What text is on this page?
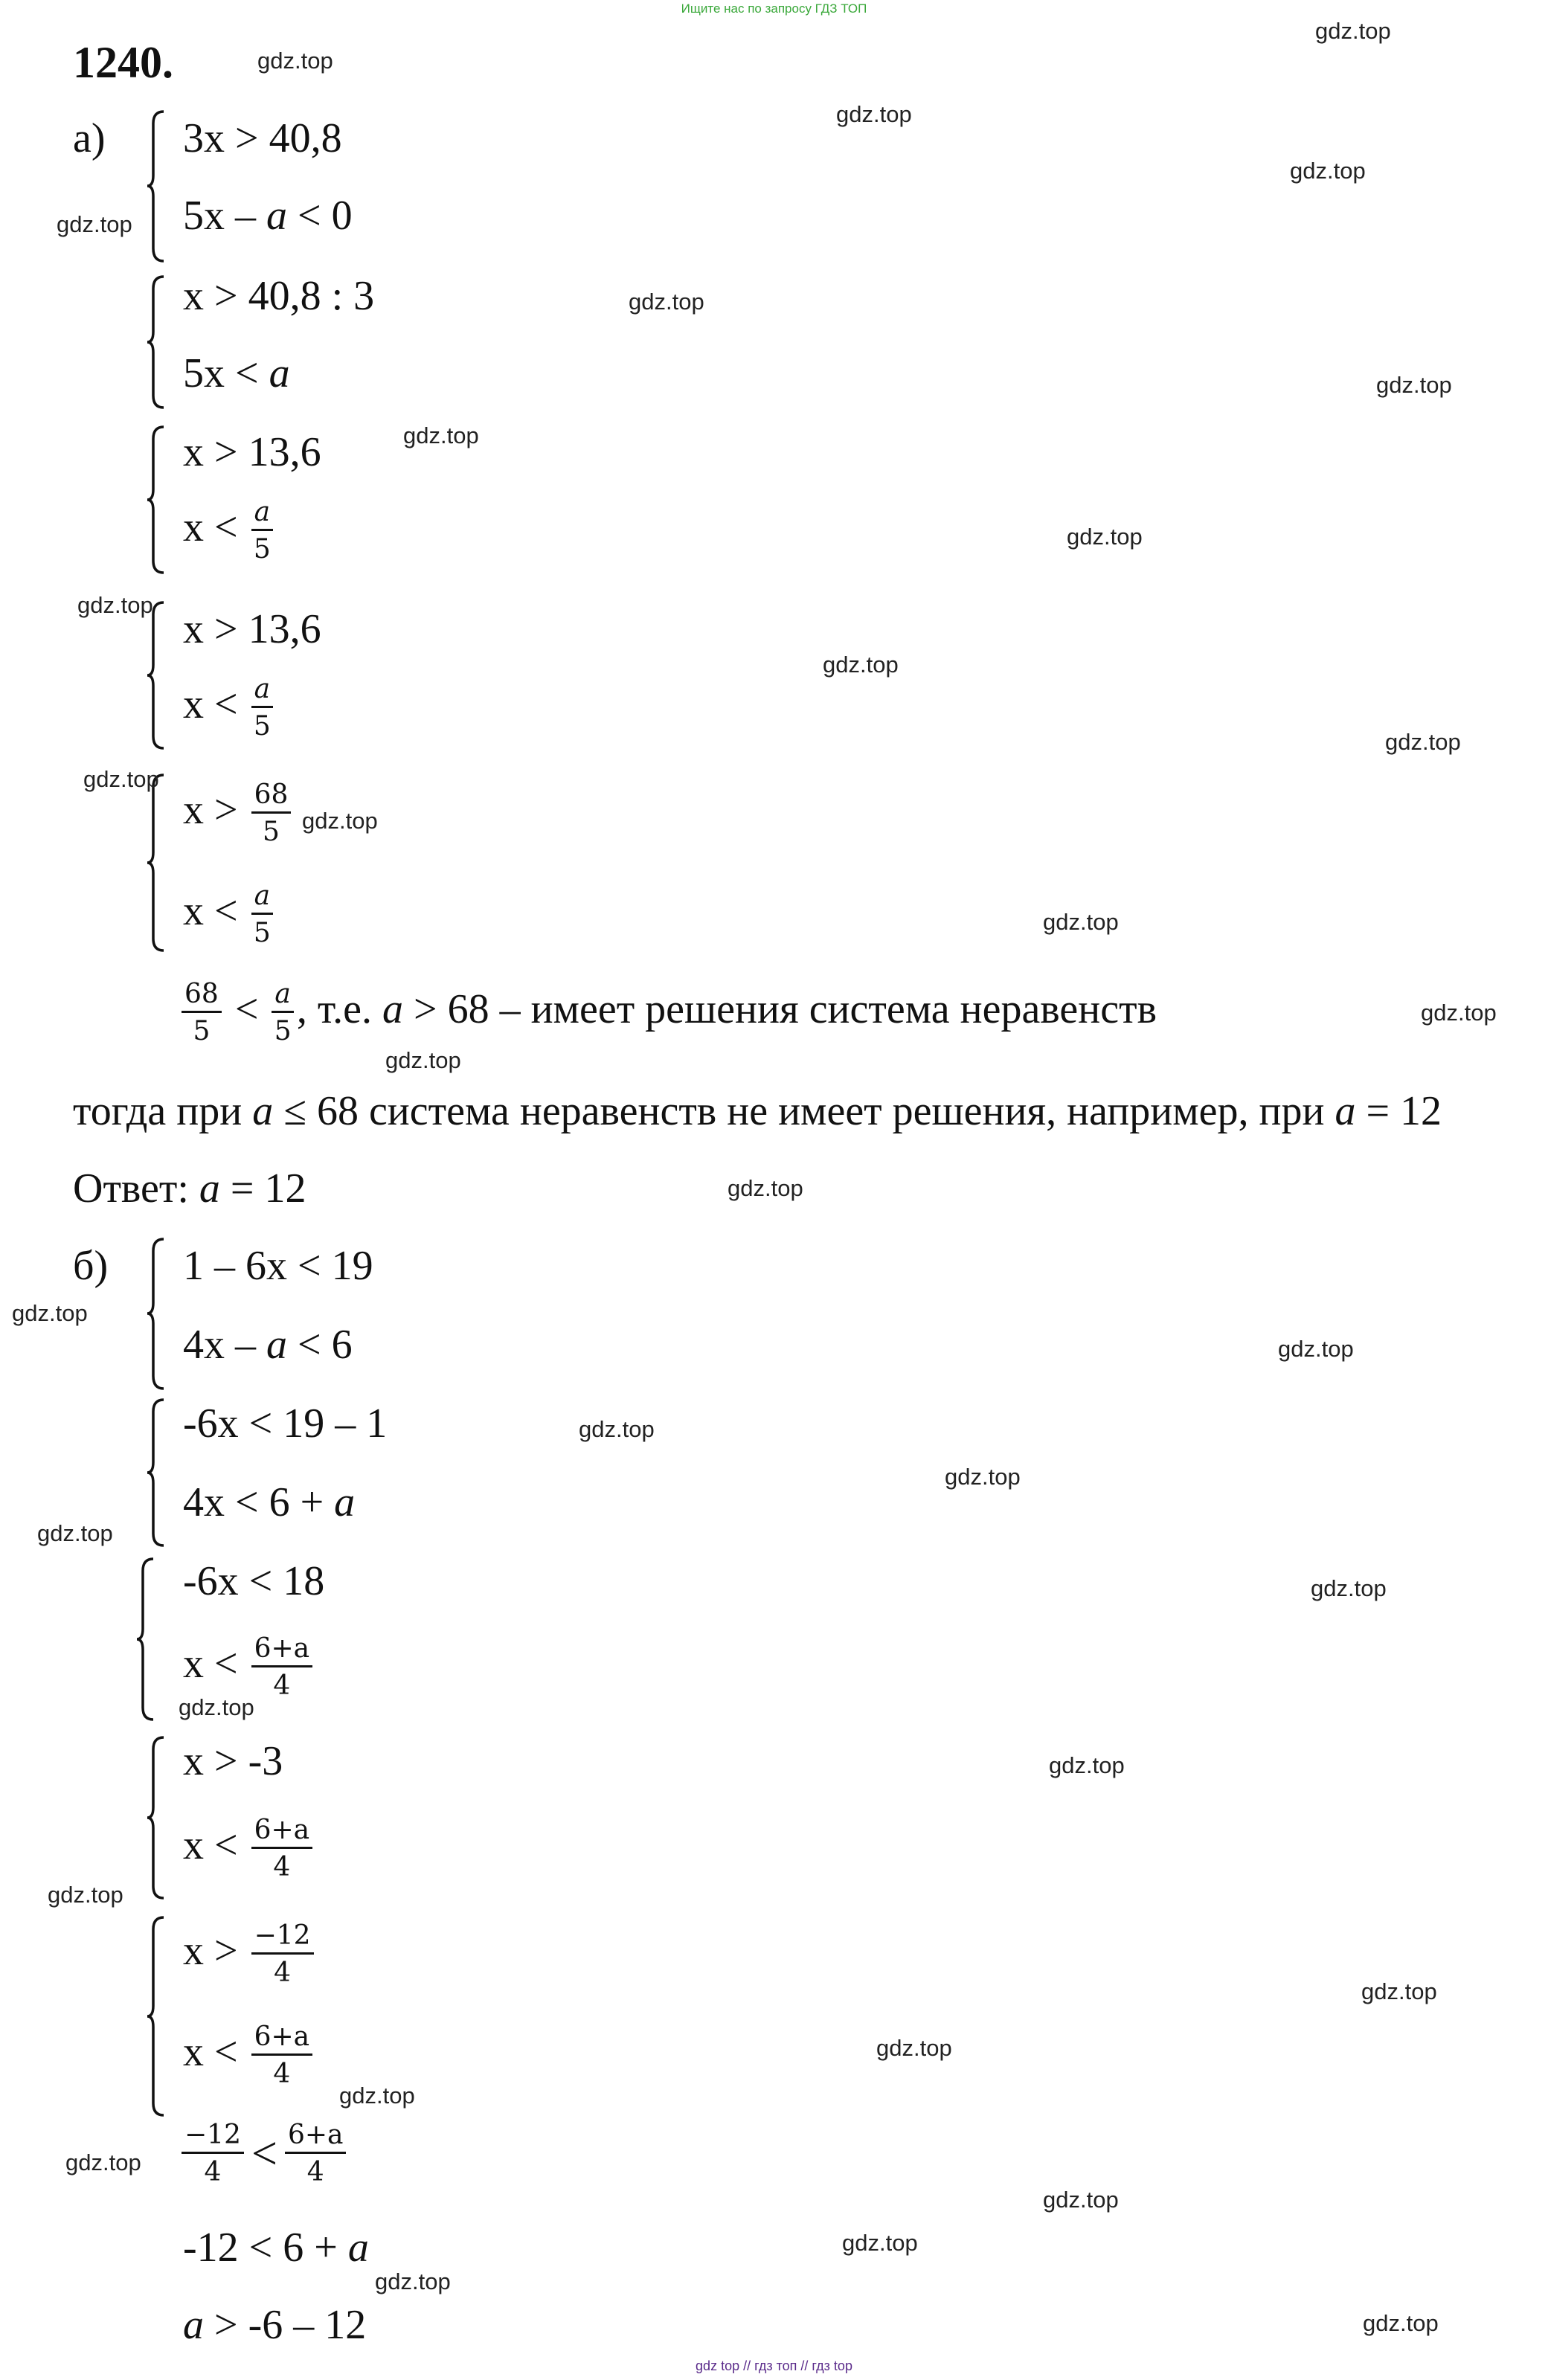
Ищите нас по запросу ГДЗ ТОП
1240.
а) 3x > 40,8
5x – a < 0
x > 40,8 : 3
5x < a
x > 13,6
$x < \frac{a}{5}$
x > 13,6
$x < \frac{a}{5}$
$x > \frac{68}{5}$
$x < \frac{a}{5}$
$\frac{68}{5} < \frac{a}{5}$ , т.е. a > 68 – имеет решения система неравенств
тогда при a ≤ 68 система неравенств не имеет решения, например, при a = 12
Ответ: a = 12
б) 1 – 6x < 19
4x – a < 6
-6x < 19 – 1
4x < 6 + a
-6x < 18
$x < \frac{6+a}{4}$
x > -3
$x < \frac{6+a}{4}$
$x > \frac{-12}{4}$
$x < \frac{6+a}{4}$
$\frac{-12}{4} < \frac{6+a}{4}$
-12 < 6 + a
a > -6 – 12
gdz.top
gdz.top
gdz.top
gdz.top
gdz.top
gdz.top
gdz.top
gdz.top
gdz.top
gdz.top
gdz.top
gdz.top
gdz.top
gdz.top
gdz.top
gdz.top
gdz.top
gdz.top
gdz.top
gdz.top
gdz.top
gdz.top
gdz.top
gdz.top
gdz.top
gdz.top
gdz.top
gdz.top
gdz.top
gdz.top
gdz.top
gdz.top
gdz.top
gdz.top
gdz.top
gdz top // гдз топ // гдз top
